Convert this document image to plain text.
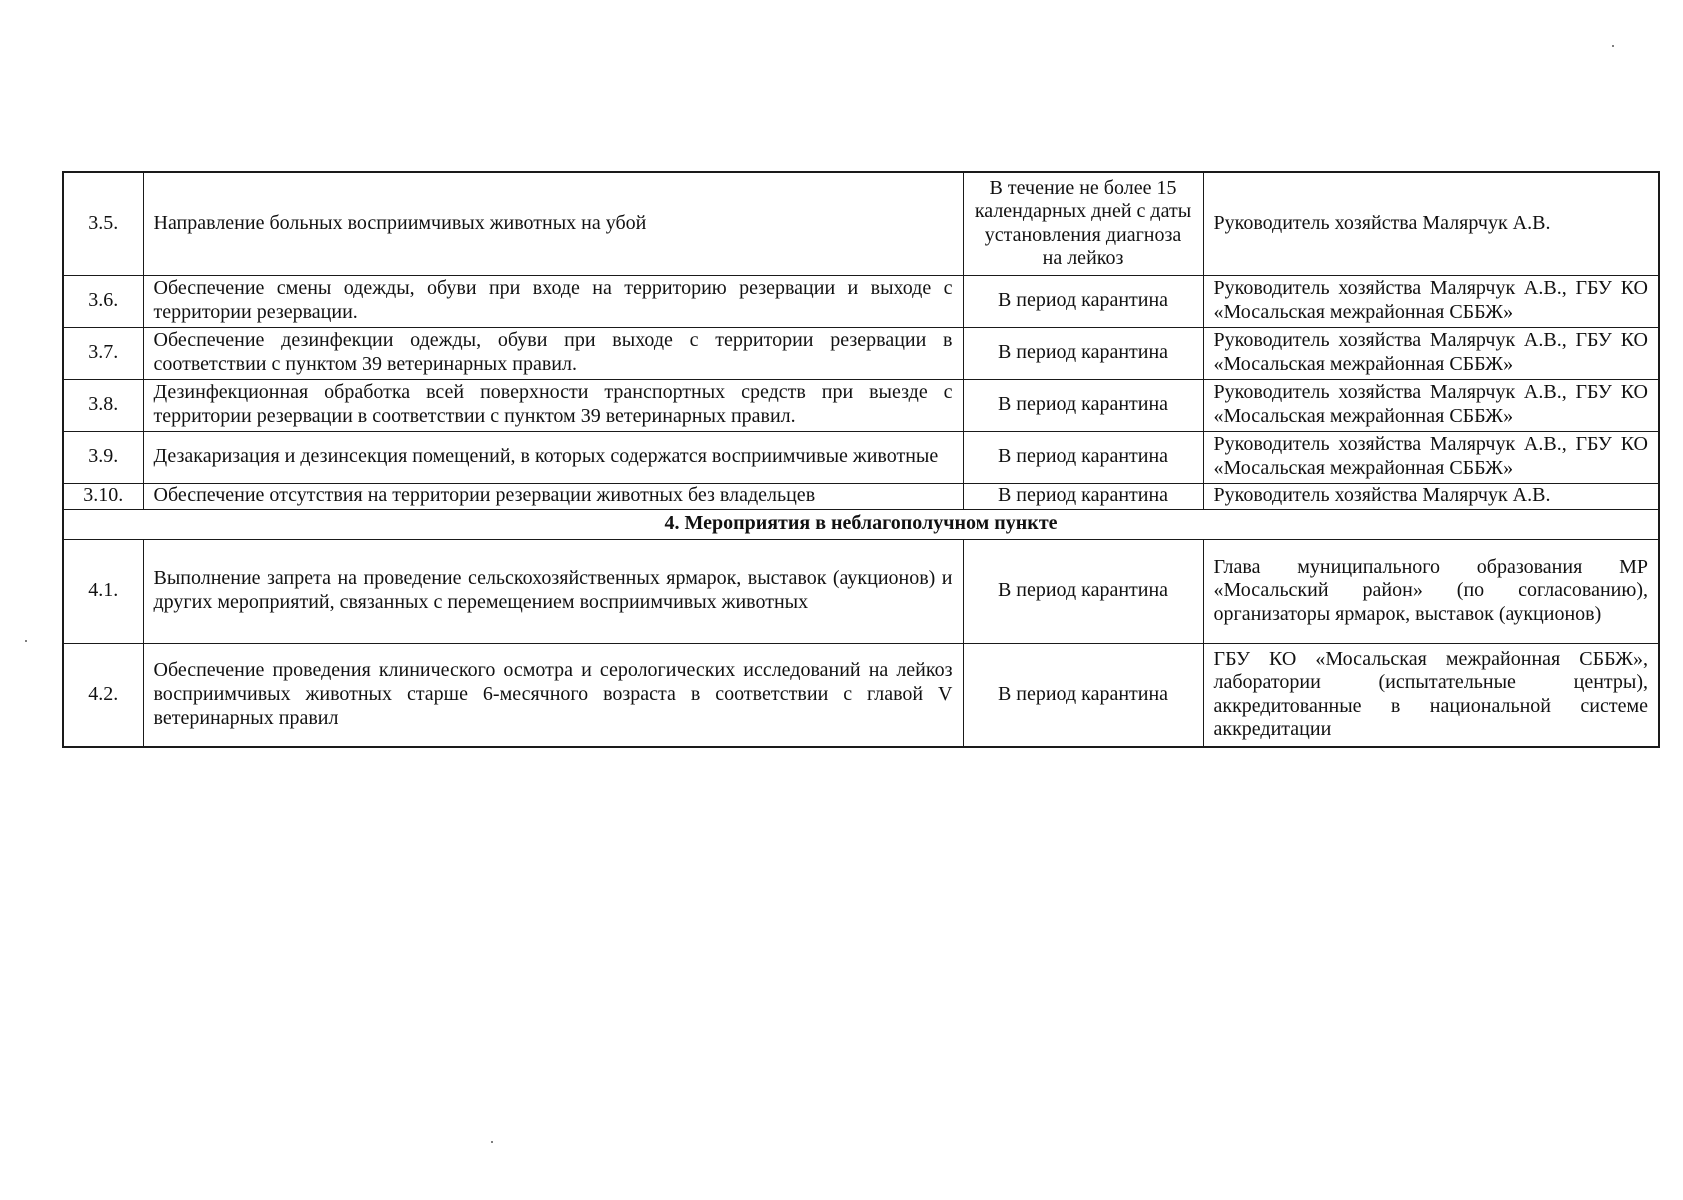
3.5.	Направление больных восприимчивых животных на убой	В течение не более 15 календарных дней с даты установления диагноза на лейкоз	Руководитель хозяйства Малярчук А.В.
3.6.	Обеспечение смены одежды, обуви при входе на территорию резервации и выходе с территории резервации.	В период карантина	Руководитель хозяйства Малярчук А.В., ГБУ КО «Мосальская межрайонная СББЖ»
3.7.	Обеспечение дезинфекции одежды, обуви при выходе с территории резервации в соответствии с пунктом 39 ветеринарных правил.	В период карантина	Руководитель хозяйства Малярчук А.В., ГБУ КО «Мосальская межрайонная СББЖ»
3.8.	Дезинфекционная обработка всей поверхности транспортных средств при выезде с территории резервации в соответствии с пунктом 39 ветеринарных правил.	В период карантина	Руководитель хозяйства Малярчук А.В., ГБУ КО «Мосальская межрайонная СББЖ»
3.9.	Дезакаризация и дезинсекция помещений, в которых содержатся восприимчивые животные	В период карантина	Руководитель хозяйства Малярчук А.В., ГБУ КО «Мосальская межрайонная СББЖ»
3.10.	Обеспечение отсутствия на территории резервации животных без владельцев	В период карантина	Руководитель хозяйства Малярчук А.В.
4. Мероприятия в неблагополучном пункте			
4.1.	Выполнение запрета на проведение сельскохозяйственных ярмарок, выставок (аукционов) и других мероприятий, связанных с перемещением восприимчивых животных	В период карантина	Глава муниципального образования МР «Мосальский район» (по согласованию), организаторы ярмарок, выставок (аукционов)
4.2.	Обеспечение проведения клинического осмотра и серологических исследований на лейкоз восприимчивых животных старше 6-месячного возраста в соответствии с главой V ветеринарных правил	В период карантина	ГБУ КО «Мосальская межрайонная СББЖ», лаборатории (испытательные центры), аккредитованные в национальной системе аккредитации
